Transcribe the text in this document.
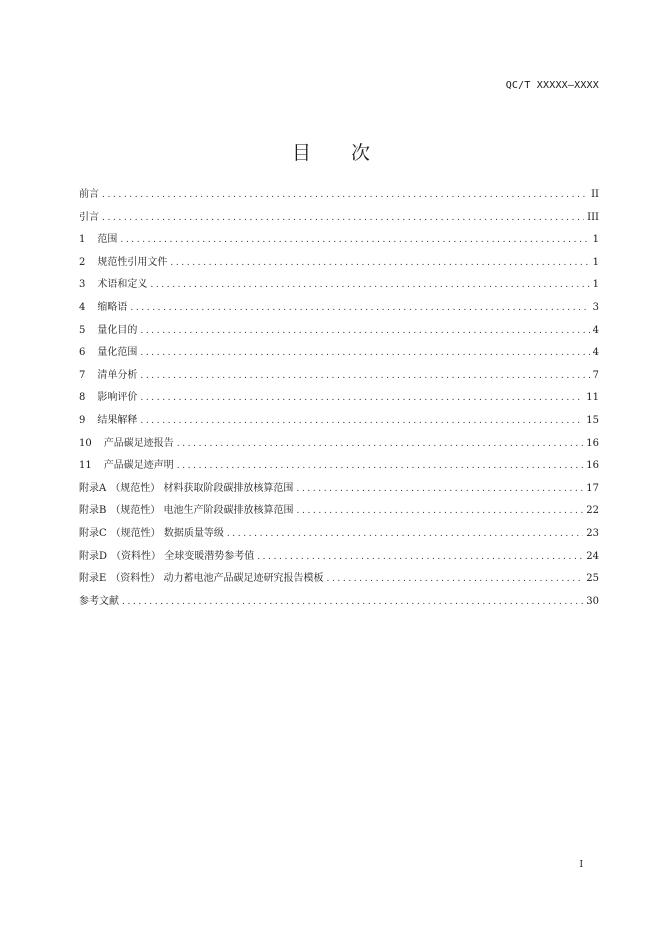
QC/T XXXXX—XXXX
目 次
前言 .....	II
引言 .....	III
1 范围 .....	1
2 规范性引用文件 .....	1
3 术语和定义 .....	1
4 缩略语 .....	3
5 量化目的 .....	4
6 量化范围 .....	4
7 清单分析 .....	7
8 影响评价 .....	11
9 结果解释 .....	15
10 产品碳足迹报告 .....	16
11 产品碳足迹声明 .....	16
附录A （规范性） 材料获取阶段碳排放核算范围 .....	17
附录B （规范性） 电池生产阶段碳排放核算范围 .....	22
附录C （规范性） 数据质量等级 .....	23
附录D （资料性） 全球变暖潜势参考值 .....	24
附录E （资料性） 动力蓄电池产品碳足迹研究报告模板 .....	25
参考文献 .....	30
I
